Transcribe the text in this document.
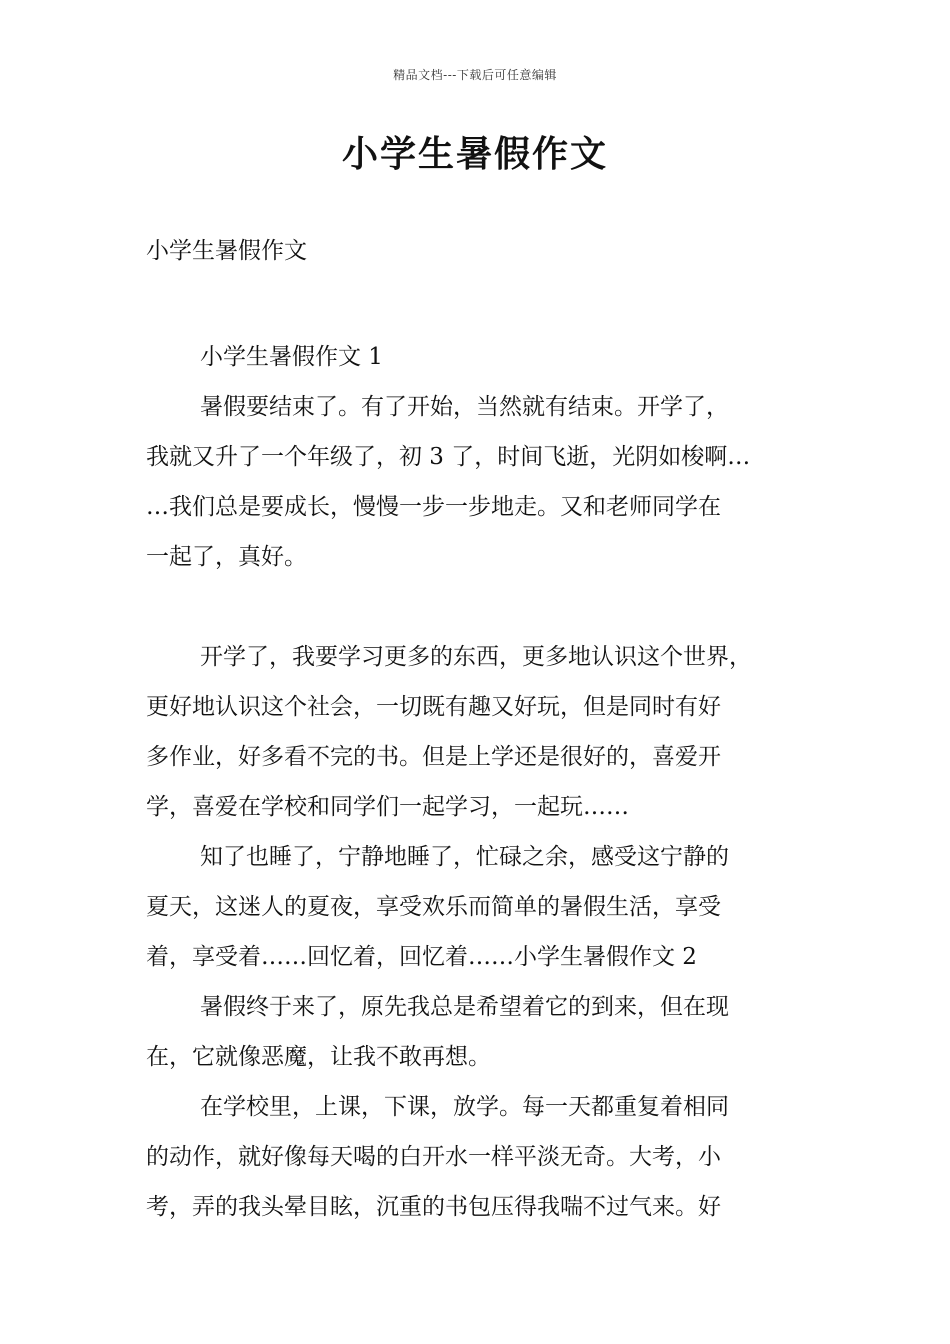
精品文档---下载后可任意编辑
小学生暑假作文
小学生暑假作文
小学生暑假作文 1
暑假要结束了。有了开始，当然就有结束。开学了，
我就又升了一个年级了，初 3 了，时间飞逝，光阴如梭啊…
…我们总是要成长，慢慢一步一步地走。又和老师同学在
一起了，真好。

开学了，我要学习更多的东西，更多地认识这个世界，
更好地认识这个社会，一切既有趣又好玩，但是同时有好
多作业，好多看不完的书。但是上学还是很好的，喜爱开
学，喜爱在学校和同学们一起学习，一起玩……
知了也睡了，宁静地睡了，忙碌之余，感受这宁静的
夏天，这迷人的夏夜，享受欢乐而简单的暑假生活，享受
着，享受着……回忆着，回忆着……小学生暑假作文 2
暑假终于来了，原先我总是希望着它的到来，但在现
在，它就像恶魔，让我不敢再想。
在学校里，上课，下课，放学。每一天都重复着相同
的动作，就好像每天喝的白开水一样平淡无奇。大考，小
考，弄的我头晕目眩，沉重的书包压得我喘不过气来。好
